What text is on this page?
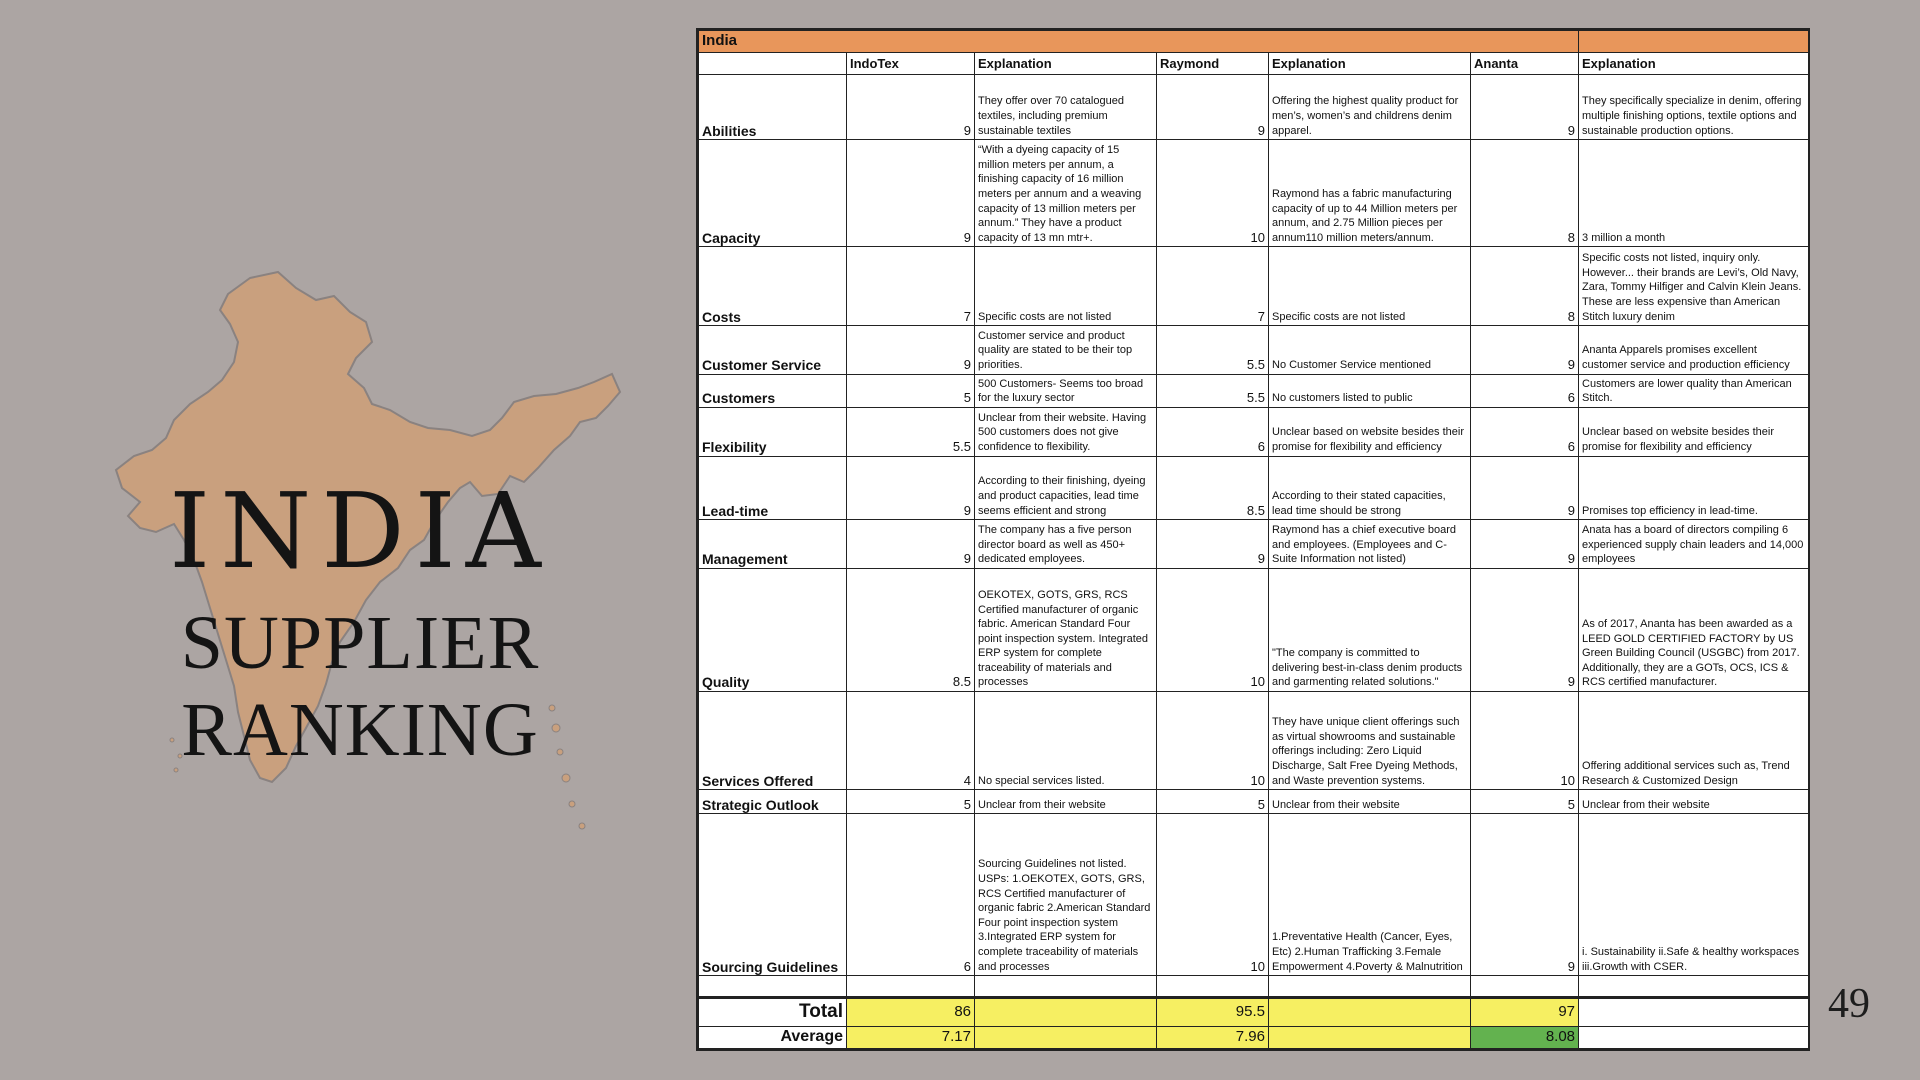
INDIA
SUPPLIER RANKING
India						
	IndoTex	Explanation	Raymond	Explanation	Ananta	Explanation
Abilities	9	They offer over 70 catalogued textiles, including premium sustainable textiles	9	Offering the highest quality product for men’s, women’s and childrens denim apparel.	9	They specifically specialize in denim, offering multiple finishing options, textile options and sustainable production options.
Capacity	9	“With a dyeing capacity of 15 million meters per annum, a finishing capacity of 16 million meters per annum and a weaving capacity of 13 million meters per annum.” They have a product capacity of 13 mn mtr+.	10	Raymond has a fabric manufacturing capacity of up to 44 Million meters per annum, and 2.75 Million pieces per annum110 million meters/annum.	8	3 million a month
Costs	7	Specific costs are not listed	7	Specific costs are not listed	8	Specific costs not listed, inquiry only. However... their brands are Levi’s, Old Navy, Zara, Tommy Hilfiger and Calvin Klein Jeans. These are less expensive than American Stitch luxury denim
Customer Service	9	Customer service and product quality are stated to be their top priorities.	5.5	No Customer Service mentioned	9	Ananta Apparels promises excellent customer service and production efficiency
Customers	5	500 Customers- Seems too broad for the luxury sector	5.5	No customers listed to public	6	Customers are lower quality than American Stitch.
Flexibility	5.5	Unclear from their website. Having 500 customers does not give confidence to flexibility.	6	Unclear based on website besides their promise for flexibility and efficiency	6	Unclear based on website besides their promise for flexibility and efficiency
Lead-time	9	According to their finishing, dyeing and product capacities, lead time seems efficient and strong	8.5	According to their stated capacities, lead time should be strong	9	Promises top efficiency in lead-time.
Management	9	The company has a five person director board as well as 450+ dedicated employees.	9	Raymond has a chief executive board and employees. (Employees and C-Suite Information not listed)	9	Anata has a board of directors compiling 6 experienced supply chain leaders and 14,000 employees
Quality	8.5	OEKOTEX, GOTS, GRS, RCS Certified manufacturer of organic fabric. American Standard Four point inspection system. Integrated ERP system for complete traceability of materials and processes	10	"The company is committed to delivering best-in-class denim products and garmenting related solutions."	9	As of 2017, Ananta has been awarded as a LEED GOLD CERTIFIED FACTORY by US Green Building Council (USGBC) from 2017. Additionally, they are a GOTs, OCS, ICS & RCS certified manufacturer.
Services Offered	4	No special services listed.	10	They have unique client offerings such as virtual showrooms and sustainable offerings including: Zero Liquid Discharge, Salt Free Dyeing Methods, and Waste prevention systems.	10	Offering additional services such as, Trend Research & Customized Design
Strategic Outlook	5	Unclear from their website	5	Unclear from their website	5	Unclear from their website
Sourcing Guidelines	6	Sourcing Guidelines not listed. USPs: 1.OEKOTEX, GOTS, GRS, RCS Certified manufacturer of organic fabric 2.American Standard Four point inspection system 3.Integrated ERP system for complete traceability of materials and processes	10	1.Preventative Health (Cancer, Eyes, Etc) 2.Human Trafficking 3.Female Empowerment 4.Poverty & Malnutrition	9	i. Sustainability ii.Safe & healthy workspaces iii.Growth with CSER.

Total	86		95.5		97	
Average	7.17		7.96		8.08	
49
